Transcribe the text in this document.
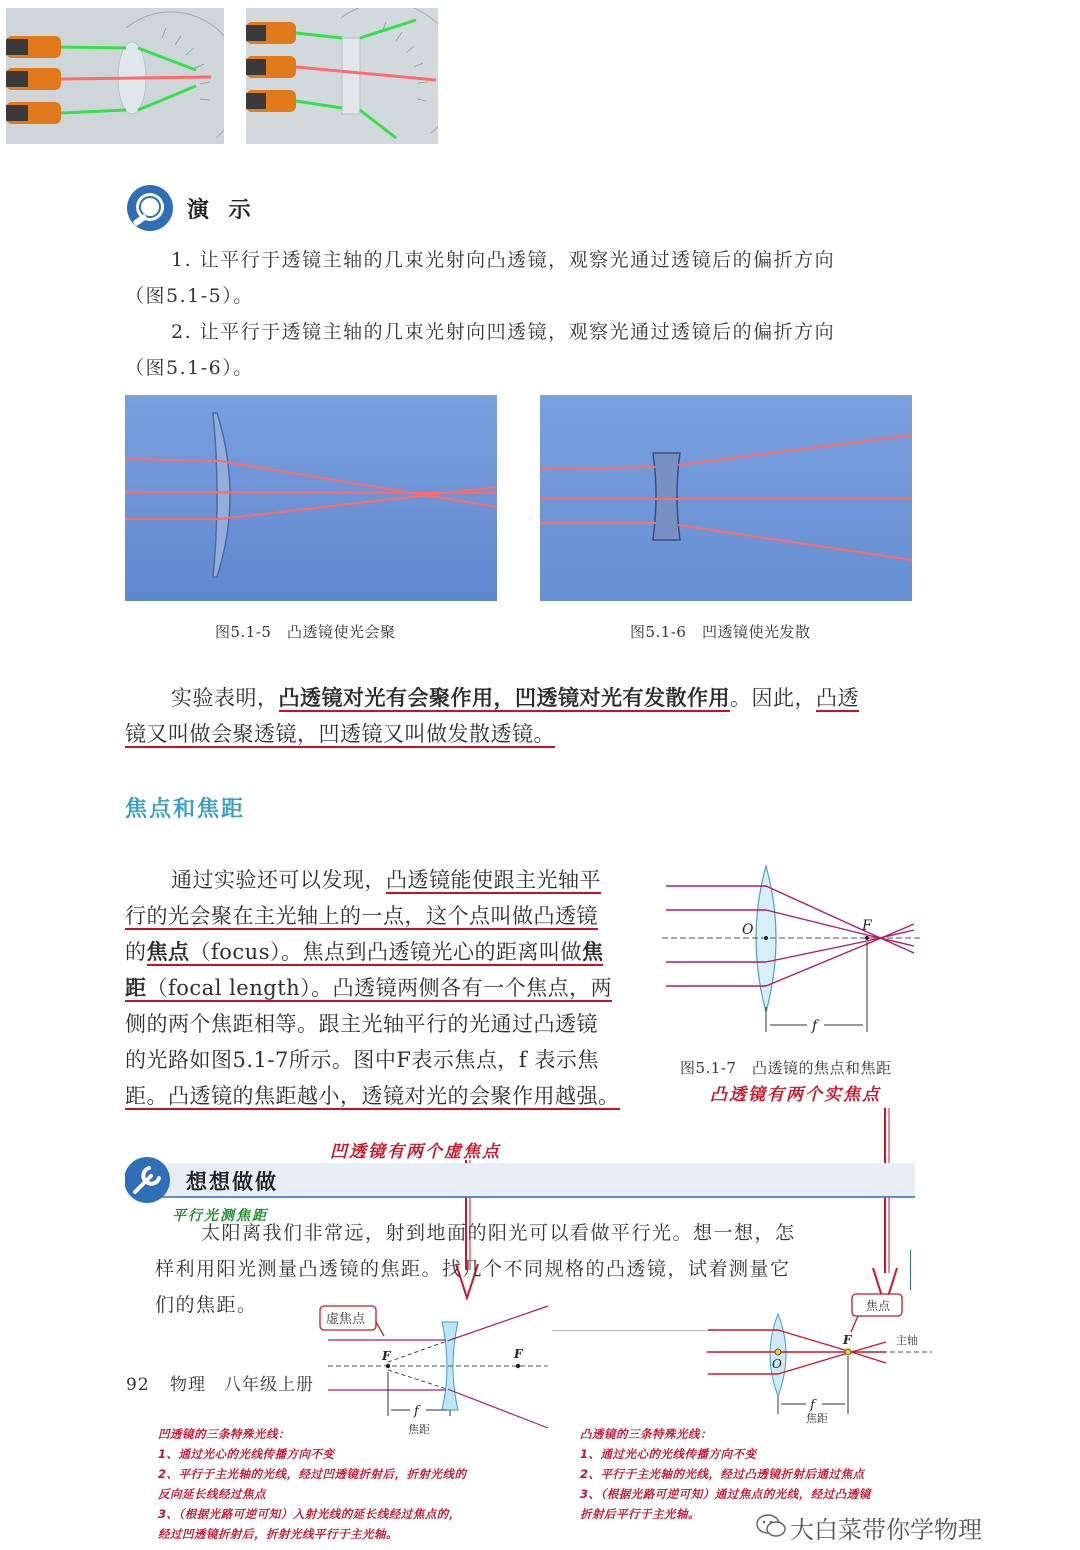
演 示
1. 让平行于透镜主轴的几束光射向凸透镜，观察光通过透镜后的偏折方向
（图5.1-5）。
2. 让平行于透镜主轴的几束光射向凹透镜，观察光通过透镜后的偏折方向
（图5.1-6）。
图5.1-5　凸透镜使光会聚	图5.1-6　凹透镜使光发散
实验表明，凸透镜对光有会聚作用，凹透镜对光有发散作用。因此，凸透
镜又叫做会聚透镜，凹透镜又叫做发散透镜。
焦点和焦距
通过实验还可以发现，凸透镜能使跟主光轴平
行的光会聚在主光轴上的一点，这个点叫做凸透镜
的焦点（focus）。焦点到凸透镜光心的距离叫做焦
距（focal length）。凸透镜两侧各有一个焦点，两
侧的两个焦距相等。跟主光轴平行的光通过凸透镜
的光路如图5.1-7所示。图中F表示焦点，f 表示焦
距。凸透镜的焦距越小，透镜对光的会聚作用越强。
O	F
f
图5.1-7　凸透镜的焦点和焦距
凸透镜有两个实焦点
凹透镜有两个虚焦点
想想做做
平行光测焦距
太阳离我们非常远，射到地面的阳光可以看做平行光。想一想，怎
样利用阳光测量凸透镜的焦距。找几个不同规格的凸透镜，试着测量它
们的焦距。
虚焦点
F	F
f
焦距
焦点
F
O
主轴
f
焦距
92 物理　八年级上册
凹透镜的三条特殊光线：
1、通过光心的光线传播方向不变
2、平行于主光轴的光线，经过凹透镜折射后，折射光线的
反向延长线经过焦点
3、（根据光路可逆可知）入射光线的延长线经过焦点的，
经过凹透镜折射后，折射光线平行于主光轴。
凸透镜的三条特殊光线：
1、通过光心的光线传播方向不变
2、平行于主光轴的光线，经过凸透镜折射后通过焦点
3、（根据光路可逆可知）通过焦点的光线，经过凸透镜
折射后平行于主光轴。
大白菜带你学物理
